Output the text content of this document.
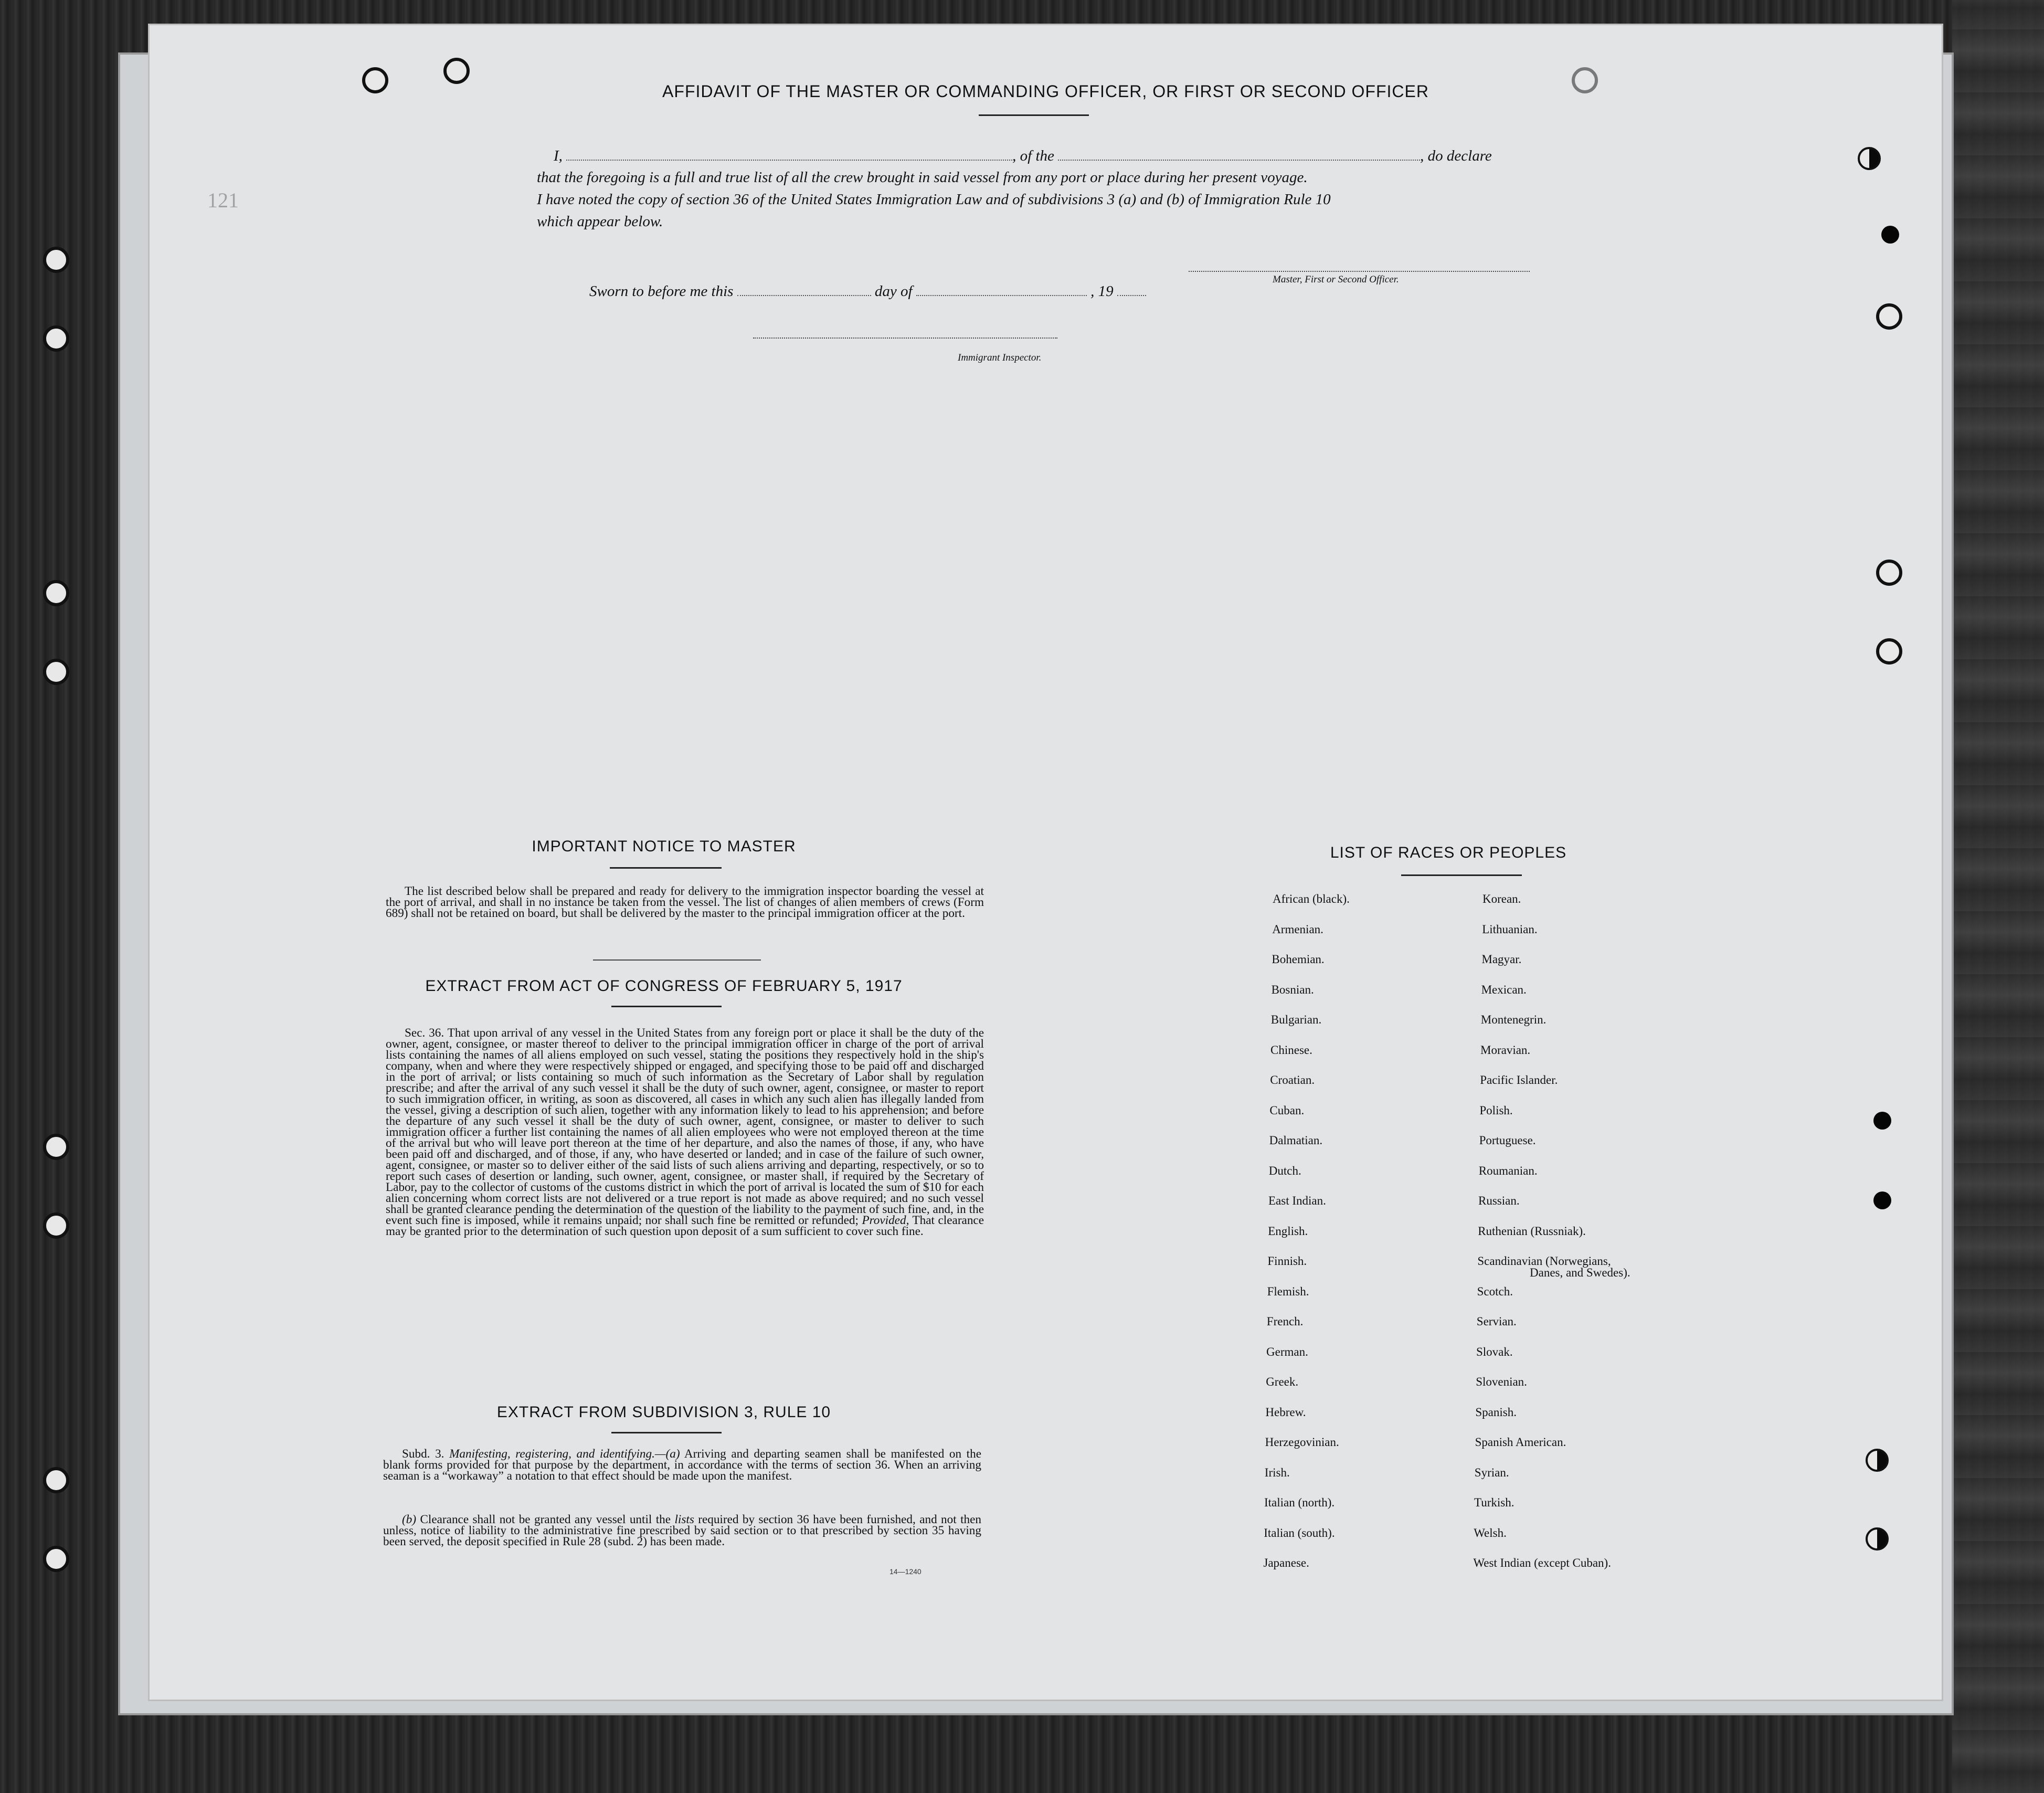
121
AFFIDAVIT OF THE MASTER OR COMMANDING OFFICER, OR FIRST OR SECOND OFFICER
I,	, of the	, do declare
that the foregoing is a full and true list of all the crew brought in said vessel from any port or place during her present voyage.
I have noted the copy of section 36 of the United States Immigration Law and of subdivisions 3 (a) and (b) of Immigration Rule 10
which appear below.
Master, First or Second Officer.
Sworn to before me this	day of	, 19
Immigrant Inspector.
IMPORTANT NOTICE TO MASTER
The list described below shall be prepared and ready for delivery to the immigration inspector boarding the vessel at the port of arrival, and shall in no instance be taken from the vessel. The list of changes of alien members of crews (Form 689) shall not be retained on board, but shall be delivered by the master to the principal immigration officer at the port.
EXTRACT FROM ACT OF CONGRESS OF FEBRUARY 5, 1917
Sec. 36. That upon arrival of any vessel in the United States from any foreign port or place it shall be the duty of the owner, agent, consignee, or master thereof to deliver to the principal immigration officer in charge of the port of arrival lists containing the names of all aliens employed on such vessel, stating the positions they respectively hold in the ship's company, when and where they were respectively shipped or engaged, and specifying those to be paid off and discharged in the port of arrival; or lists containing so much of such information as the Secretary of Labor shall by regulation prescribe; and after the arrival of any such vessel it shall be the duty of such owner, agent, consignee, or master to report to such immigration officer, in writing, as soon as discovered, all cases in which any such alien has illegally landed from the vessel, giving a description of such alien, together with any information likely to lead to his apprehension; and before the departure of any such vessel it shall be the duty of such owner, agent, consignee, or master to deliver to such immigration officer a further list containing the names of all alien employees who were not employed thereon at the time of the arrival but who will leave port thereon at the time of her departure, and also the names of those, if any, who have been paid off and discharged, and of those, if any, who have deserted or landed; and in case of the failure of such owner, agent, consignee, or master so to deliver either of the said lists of such aliens arriving and departing, respectively, or so to report such cases of desertion or landing, such owner, agent, consignee, or master shall, if required by the Secretary of Labor, pay to the collector of customs of the customs district in which the port of arrival is located the sum of $10 for each alien concerning whom correct lists are not delivered or a true report is not made as above required; and no such vessel shall be granted clearance pending the determination of the question of the liability to the payment of such fine, and, in the event such fine is imposed, while it remains unpaid; nor shall such fine be remitted or refunded; Provided, That clearance may be granted prior to the determination of such question upon deposit of a sum sufficient to cover such fine.
EXTRACT FROM SUBDIVISION 3, RULE 10
Subd. 3. Manifesting, registering, and identifying.—(a) Arriving and departing seamen shall be manifested on the blank forms provided for that purpose by the department, in accordance with the terms of section 36. When an arriving seaman is a “workaway” a notation to that effect should be made upon the manifest.
(b) Clearance shall not be granted any vessel until the lists required by section 36 have been furnished, and not then unless, notice of liability to the administrative fine prescribed by said section or to that prescribed by section 35 having been served, the deposit specified in Rule 28 (subd. 2) has been made.
14—1240
LIST OF RACES OR PEOPLES
African (black).
Armenian.
Bohemian.
Bosnian.
Bulgarian.
Chinese.
Croatian.
Cuban.
Dalmatian.
Dutch.
East Indian.
English.
Finnish.
Flemish.
French.
German.
Greek.
Hebrew.
Herzegovinian.
Irish.
Italian (north).
Italian (south).
Japanese.
Korean.
Lithuanian.
Magyar.
Mexican.
Montenegrin.
Moravian.
Pacific Islander.
Polish.
Portuguese.
Roumanian.
Russian.
Ruthenian (Russniak).
Scandinavian (Norwegians,
Danes, and Swedes).
Scotch.
Servian.
Slovak.
Slovenian.
Spanish.
Spanish American.
Syrian.
Turkish.
Welsh.
West Indian (except Cuban).
